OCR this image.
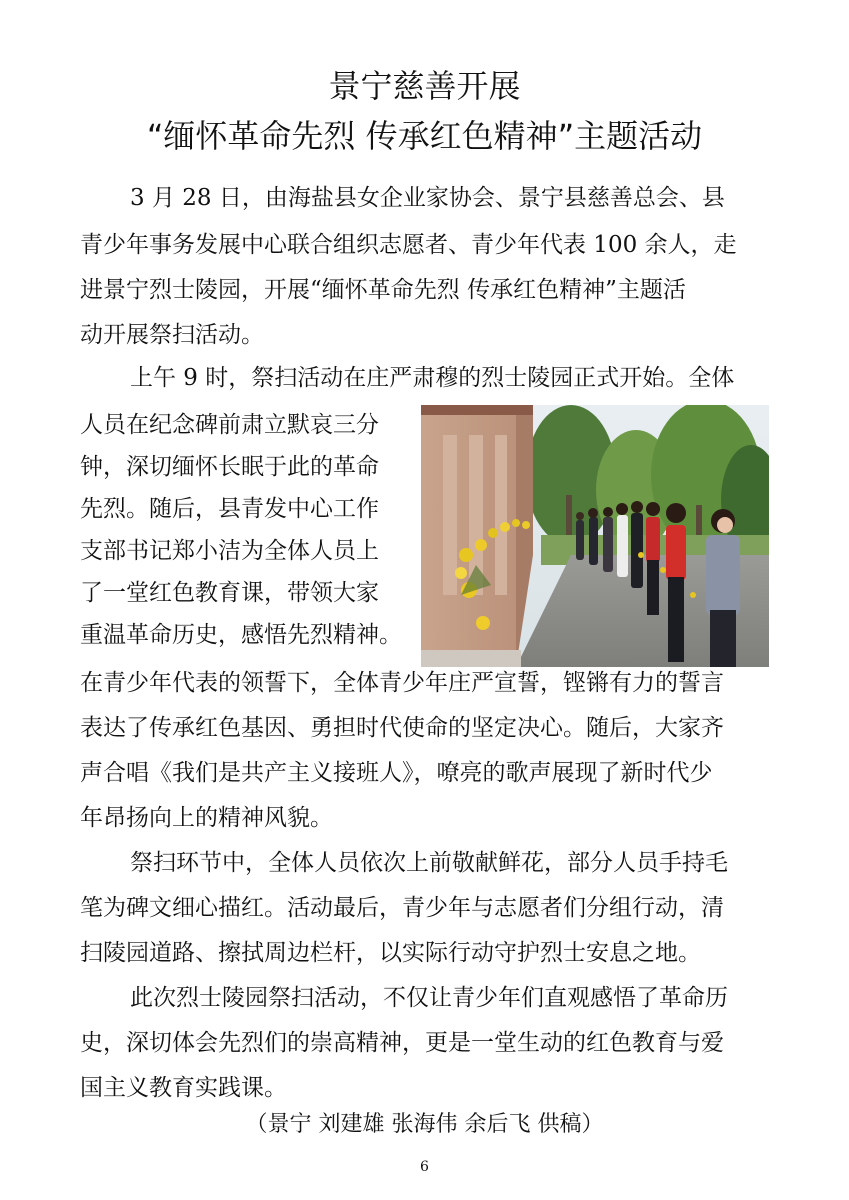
景宁慈善开展
“缅怀革命先烈 传承红色精神”主题活动
3 月 28 日，由海盐县女企业家协会、景宁县慈善总会、县
青少年事务发展中心联合组织志愿者、青少年代表 100 余人，走
进景宁烈士陵园，开展“缅怀革命先烈 传承红色精神”主题活
动开展祭扫活动。
上午 9 时，祭扫活动在庄严肃穆的烈士陵园正式开始。全体
人员在纪念碑前肃立默哀三分
钟，深切缅怀长眠于此的革命
先烈。随后，县青发中心工作
支部书记郑小洁为全体人员上
了一堂红色教育课，带领大家
重温革命历史，感悟先烈精神。
在青少年代表的领誓下，全体青少年庄严宣誓，铿锵有力的誓言
表达了传承红色基因、勇担时代使命的坚定决心。随后，大家齐
声合唱《我们是共产主义接班人》，嘹亮的歌声展现了新时代少
年昂扬向上的精神风貌。
祭扫环节中，全体人员依次上前敬献鲜花，部分人员手持毛
笔为碑文细心描红。活动最后，青少年与志愿者们分组行动，清
扫陵园道路、擦拭周边栏杆，以实际行动守护烈士安息之地。
此次烈士陵园祭扫活动，不仅让青少年们直观感悟了革命历
史，深切体会先烈们的崇高精神，更是一堂生动的红色教育与爱
国主义教育实践课。
（景宁 刘建雄 张海伟 余后飞 供稿）
6
